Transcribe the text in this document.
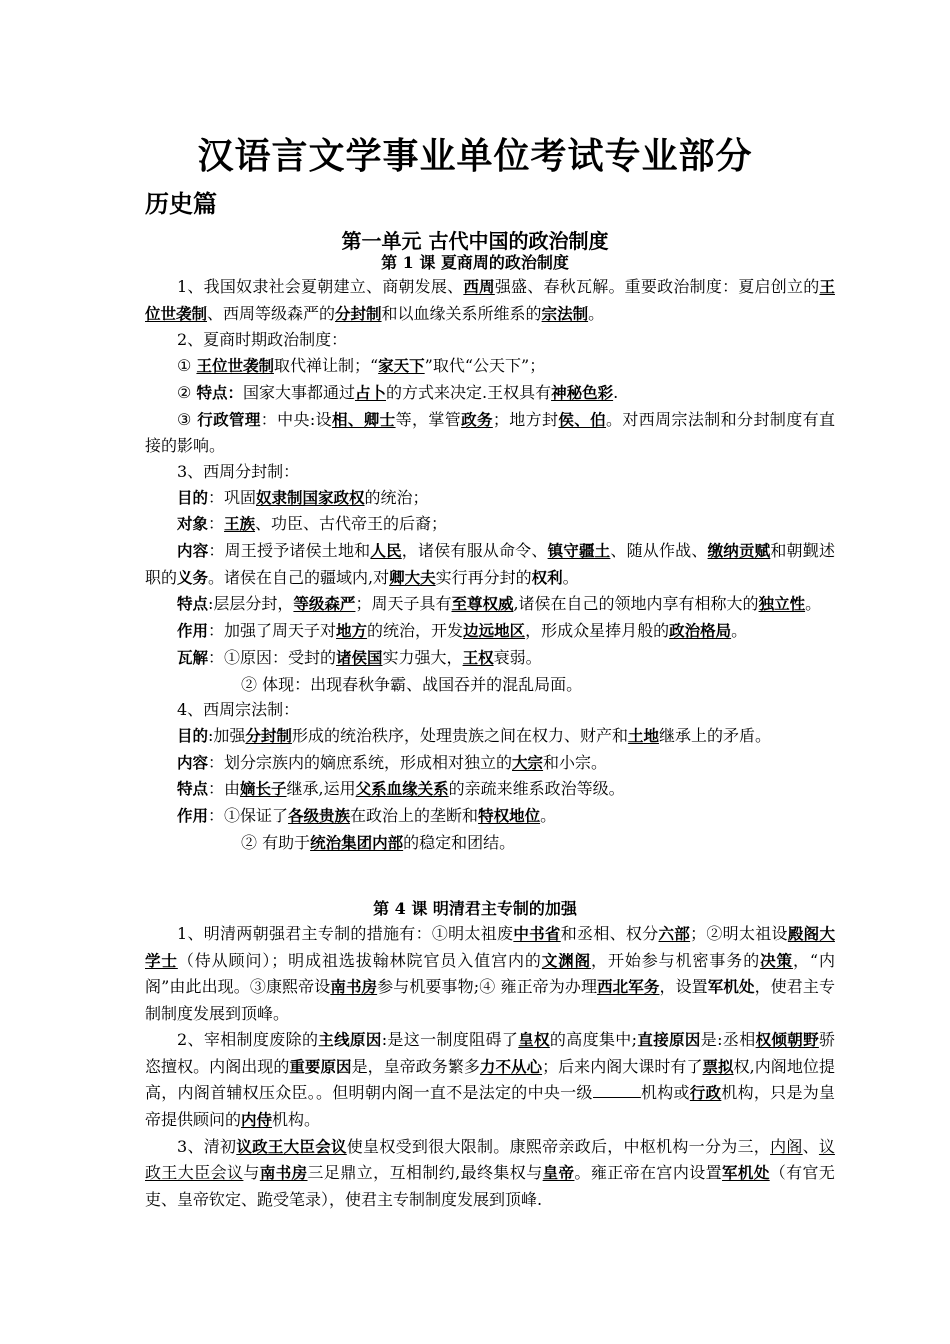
汉语言文学事业单位考试专业部分
历史篇
第一单元 古代中国的政治制度
第 1 课 夏商周的政治制度

1、我国奴隶社会夏朝建立、商朝发展、西周强盛、春秋瓦解。重要政治制度：夏启创立的王位世袭制、西周等级森严的分封制和以血缘关系所维系的宗法制。

2、夏商时期政治制度：

① 王位世袭制取代禅让制；“家天下”取代“公天下”；

② 特点：国家大事都通过占卜的方式来决定.王权具有神秘色彩.

③ 行政管理：中央:设相、卿士等，掌管政务；地方封侯、伯。对西周宗法制和分封制度有直接的影响。

3、西周分封制：

目的：巩固奴隶制国家政权的统治；

对象：王族、功臣、古代帝王的后裔；

内容：周王授予诸侯土地和人民，诸侯有服从命令、镇守疆土、随从作战、缴纳贡赋和朝觐述职的义务。诸侯在自己的疆域内,对卿大夫实行再分封的权利。

特点:层层分封，等级森严；周天子具有至尊权威,诸侯在自己的领地内享有相称大的独立性。

作用：加强了周天子对地方的统治，开发边远地区，形成众星捧月般的政治格局。

瓦解：①原因：受封的诸侯国实力强大，王权衰弱。

② 体现：出现春秋争霸、战国吞并的混乱局面。

4、西周宗法制：

目的:加强分封制形成的统治秩序，处理贵族之间在权力、财产和土地继承上的矛盾。

内容：划分宗族内的嫡庶系统，形成相对独立的大宗和小宗。

特点：由嫡长子继承,运用父系血缘关系的亲疏来维系政治等级。

作用：①保证了各级贵族在政治上的垄断和特权地位。

② 有助于统治集团内部的稳定和团结。

第 4 课 明清君主专制的加强

1、明清两朝强君主专制的措施有：①明太祖废中书省和丞相、权分六部；②明太祖设殿阁大学士（侍从顾问）；明成祖选拔翰林院官员入值宫内的文渊阁，开始参与机密事务的决策，“内阁”由此出现。③康熙帝设南书房参与机要事物;④ 雍正帝为办理西北军务，设置军机处，使君主专制制度发展到顶峰。

2、宰相制度废除的主线原因:是这一制度阻碍了皇权的高度集中;直接原因是:丞相权倾朝野骄恣擅权。内阁出现的重要原因是，皇帝政务繁多力不从心；后来内阁大课时有了票拟权,内阁地位提高，内阁首辅权压众臣。。但明朝内阁一直不是法定的中央一级	机构或行政机构，只是为皇帝提供顾问的内侍机构。

3、清初议政王大臣会议使皇权受到很大限制。康熙帝亲政后，中枢机构一分为三，内阁、议政王大臣会议与南书房三足鼎立，互相制约,最终集权与皇帝。雍正帝在宫内设置军机处（有官无吏、皇帝钦定、跪受笔录），使君主专制制度发展到顶峰.
